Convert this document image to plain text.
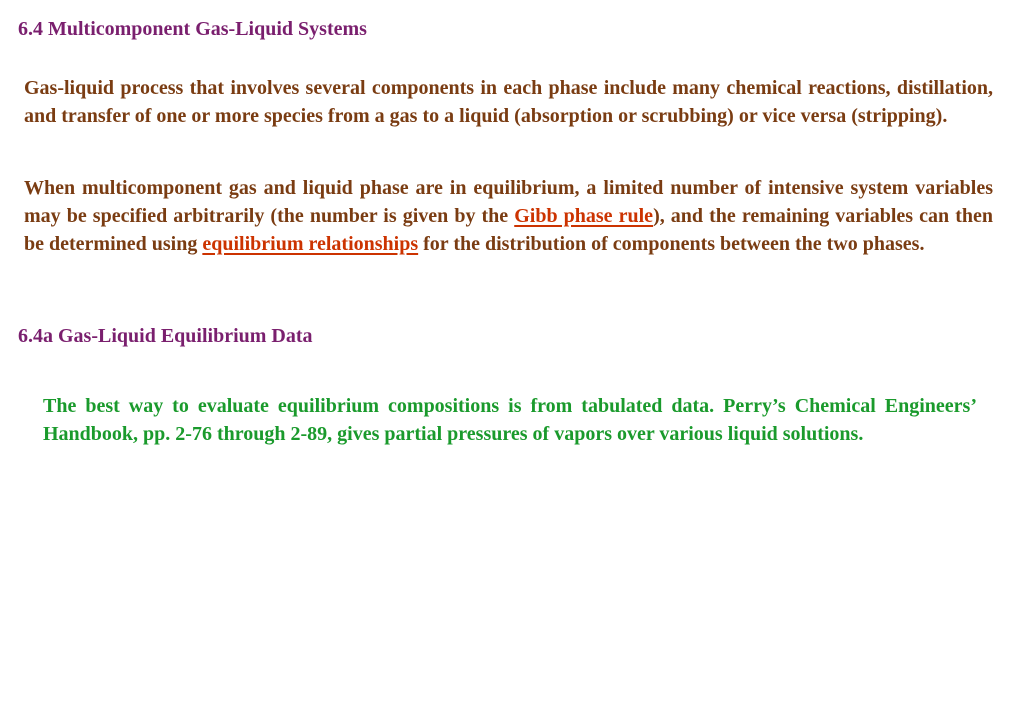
6.4 Multicomponent Gas-Liquid Systems

Gas-liquid process that involves several components in each phase include many chemical reactions, distillation, and transfer of one or more species from a gas to a liquid (absorption or scrubbing) or vice versa (stripping).

When multicomponent gas and liquid phase are in equilibrium, a limited number of intensive system variables may be specified arbitrarily (the number is given by the Gibb phase rule), and the remaining variables can then be determined using equilibrium relationships for the distribution of components between the two phases.

6.4a Gas-Liquid Equilibrium Data

The best way to evaluate equilibrium compositions is from tabulated data. Perry’s Chemical Engineers’ Handbook, pp. 2-76 through 2-89, gives partial pressures of vapors over various liquid solutions.
